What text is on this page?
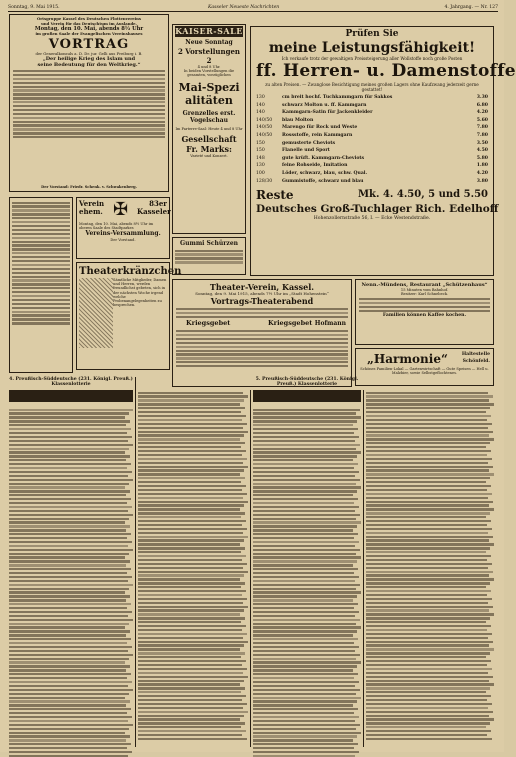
Sonntag, 9. Mai 1915.	Kasseler Neueste Nachrichten	4. Jahrgang. — Nr. 127
Ortsgruppe Kassel des Deutschen Flottenvereins
und Verein für das Deutschtum im Auslande.
Montag, den 10. Mai, abends 8½ Uhr
im großen Saale der Evangelischen Vereinshauses
VORTRAG
der Generalkonsuls a. D. Dr. jur. Gelli aus Freiburg i. B.
„Der heilige Krieg des Islam und
seine Bedeutung für den Weltkrieg.“
Der Vorstand: Friedr. Schenk. v. Schwakenberg.
KAISER-SALE
Neue Sonntag
2 Vorstellungen 2
4 und 8 Uhr.
In beiden Vorstellungen die gesamten, vorzüglichen
Mai-Spezialitäten
Grenzelles erst. Vogelschau
Im Parterre-Saal: Heute 4 und 8 Uhr
Gesellschaft Fr. Marks:
Varieté und Konzert.
Prüfen Sie
meine Leistungsfähigkeit!
Ich verkaufe trotz der gewaltigen Preissteigerung aller Wollstoffe noch große Posten
ff. Herren- u. Damenstoffe
zu alten Preisen. — Zwanglose Besichtigung meines großen Lagers ohne Kaufzwang jederzeit gerne gestattet!
130	cm breit hochf. Tuchkammgarn für Sakkos	3.30
140	schwarz Molton u. ff. Kammgarn	6.80
140	Kammgarn-Satin für Jackenkleider	4.20
140/50 blau Molton	5.60
140/50 Marengo für Rock und Weste	7.80
140/50 Rossstoffe, rein Kammgarn	7.80
150	gemusterte Cheviots	3.50
150	Flanelle und Sport	4.50
148	gute krüft. Kammgarn-Cheviots	5.80
130	feine Rohseide, Imitation	1.80
100	Löder, schwarz, blau, schw. Qual.	4.20
128/30 Gummistoffe, schwarz und blau	3.80
Reste	Mk. 4. 4.50, 5 und 5.50
Deutsches Groß-Tuchlager Rich. Edelhoff
Hohenzollernstraße 56, I. — Ecke Westendstraße.
Verein ehem. ✠	83er Kasseler
Montag, den 10. Mai, abends 8½ Uhr im oberen Saale des Stadtparkes
Vereins-Versammlung.
Der Vorstand.
Theaterkränzchen
Sämtliche Mitglieder, Damen und Herren, werden freundlichst gebeten, sich in der nächsten Woche irgend welche Probenangelegenheiten zu besprechen.
Gummi Schürzen
Theater-Verein, Kassel.
Sonntag, den 9. Mai 1915, abends 7½ Uhr im „Stadt Hohenstein“
Vortrags-Theaterabend
Kriegsgebet	Kriegsgebet Hofmann
Nenn.-Mündens, Restaurant „Schützenhaus“
15 Minuten vom Bahnhof.
Besitzer: Karl Schnebeck.
Familien können Kaffee kochen.
„Harmonie“	Haltestelle
Schönfeld.
Schönes Familien-Lokal — Gartenwirtschaft — Gute Speisen — Hell u. Malzbier, sowie Selbstgeflochtenes.
4. Preußisch-Süddeutsche (231. Königl. Preuß.) Klassenlotterie
5. Preußisch-Süddeutsche (231. Königl. Preuß.) Klassenlotterie
